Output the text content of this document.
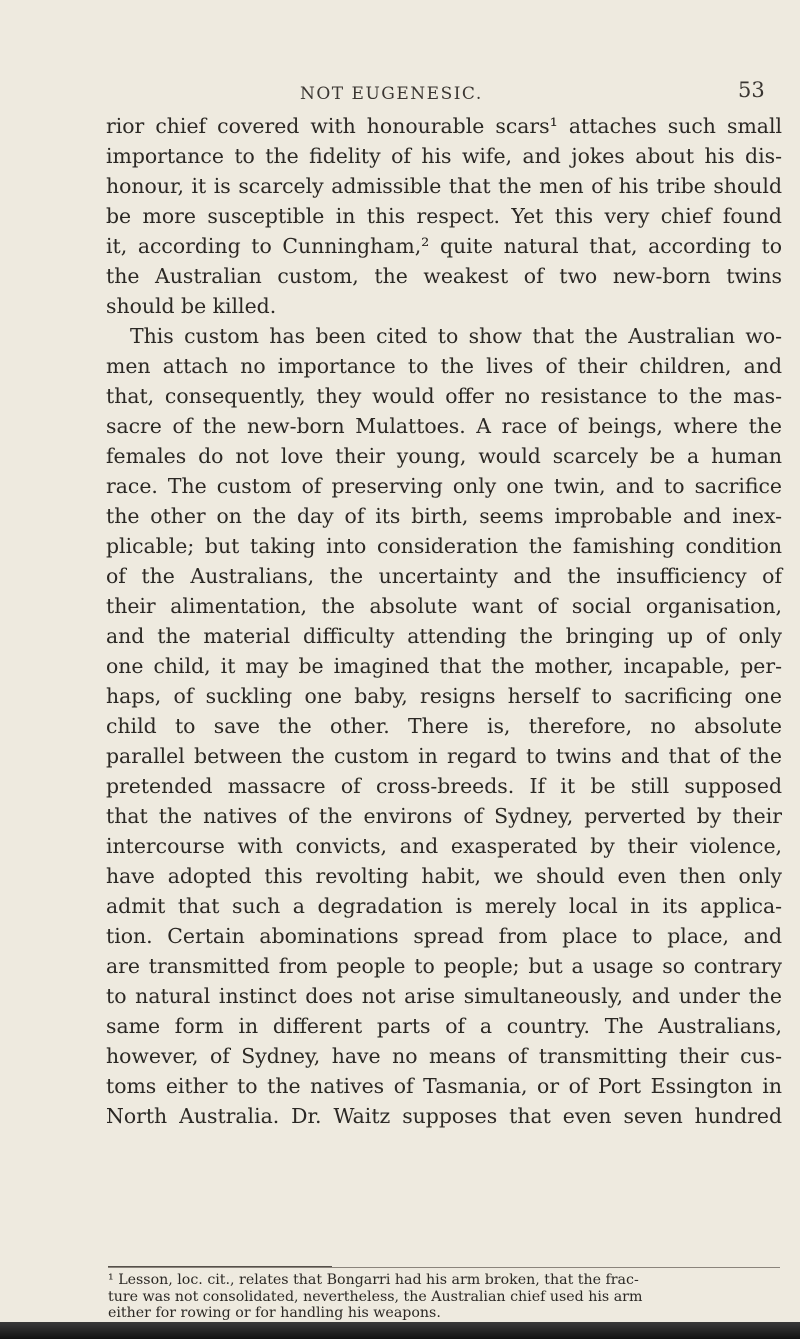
NOT EUGENESIC.	53
rior chief covered with honourable scars¹ attaches such small
importance to the fidelity of his wife, and jokes about his dis-
honour, it is scarcely admissible that the men of his tribe should
be more susceptible in this respect. Yet this very chief found
it, according to Cunningham,² quite natural that, according to
the Australian custom, the weakest of two new-born twins
should be killed.
This custom has been cited to show that the Australian wo-
men attach no importance to the lives of their children, and
that, consequently, they would offer no resistance to the mas-
sacre of the new-born Mulattoes. A race of beings, where the
females do not love their young, would scarcely be a human
race. The custom of preserving only one twin, and to sacrifice
the other on the day of its birth, seems improbable and inex-
plicable; but taking into consideration the famishing condition
of the Australians, the uncertainty and the insufficiency of
their alimentation, the absolute want of social organisation,
and the material difficulty attending the bringing up of only
one child, it may be imagined that the mother, incapable, per-
haps, of suckling one baby, resigns herself to sacrificing one
child to save the other. There is, therefore, no absolute
parallel between the custom in regard to twins and that of the
pretended massacre of cross-breeds. If it be still supposed
that the natives of the environs of Sydney, perverted by their
intercourse with convicts, and exasperated by their violence,
have adopted this revolting habit, we should even then only
admit that such a degradation is merely local in its applica-
tion. Certain abominations spread from place to place, and
are transmitted from people to people; but a usage so contrary
to natural instinct does not arise simultaneously, and under the
same form in different parts of a country. The Australians,
however, of Sydney, have no means of transmitting their cus-
toms either to the natives of Tasmania, or of Port Essington in
North Australia. Dr. Waitz supposes that even seven hundred
¹ Lesson, loc. cit., relates that Bongarri had his arm broken, that the frac-
ture was not consolidated, nevertheless, the Australian chief used his arm
either for rowing or for handling his weapons.
